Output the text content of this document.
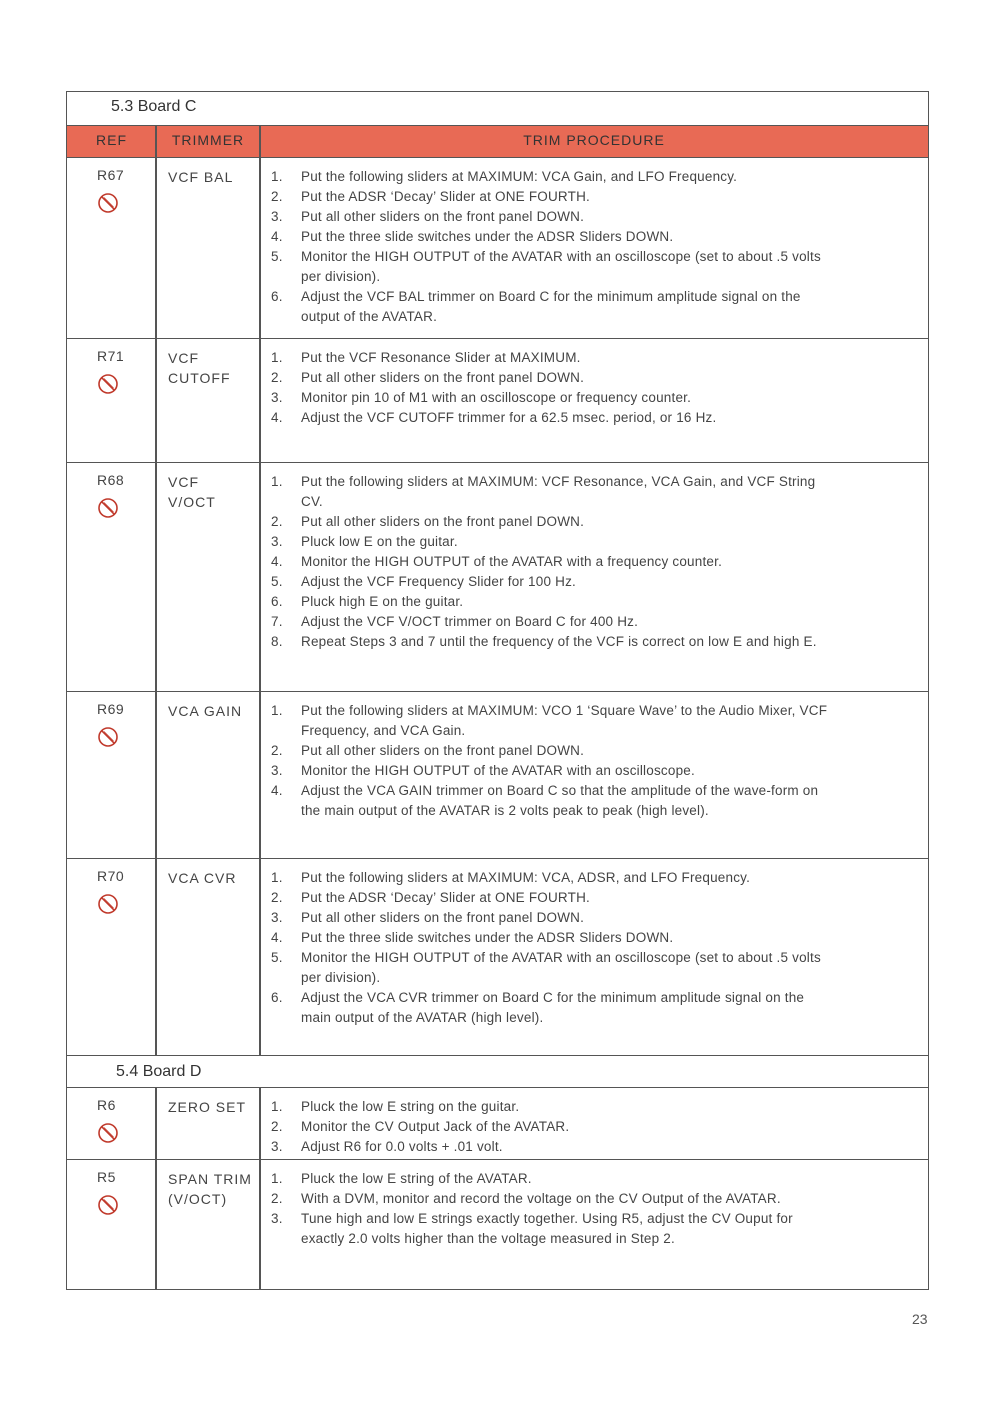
5.3 Board C
REF	TRIMMER	TRIM PROCEDURE
5.4 Board D
R67	VCF BAL	1. Put the following sliders at MAXIMUM: VCA Gain, and LFO Frequency.
2. Put the ADSR ‘Decay’ Slider at ONE FOURTH.
3. Put all other sliders on the front panel DOWN.
4. Put the three slide switches under the ADSR Sliders DOWN.
5. Monitor the HIGH OUTPUT of the AVATAR with an oscilloscope (set to about .5 volts per division).
6. Adjust the VCF BAL trimmer on Board C for the minimum amplitude signal on the output of the AVATAR.
R71	VCF
CUTOFF
1. Put the VCF Resonance Slider at MAXIMUM.
2. Put all other sliders on the front panel DOWN.
3. Monitor pin 10 of M1 with an oscilloscope or frequency counter.
4. Adjust the VCF CUTOFF trimmer for a 62.5 msec. period, or 16 Hz.
R68	VCF
V/OCT
1. Put the following sliders at MAXIMUM: VCF Resonance, VCA Gain, and VCF String CV.
2. Put all other sliders on the front panel DOWN.
3. Pluck low E on the guitar.
4. Monitor the HIGH OUTPUT of the AVATAR with a frequency counter.
5. Adjust the VCF Frequency Slider for 100 Hz.
6. Pluck high E on the guitar.
7. Adjust the VCF V/OCT trimmer on Board C for 400 Hz.
8. Repeat Steps 3 and 7 until the frequency of the VCF is correct on low E and high E.
R69	VCA GAIN	1. Put the following sliders at MAXIMUM: VCO 1 ‘Square Wave’ to the Audio Mixer, VCF Frequency, and VCA Gain.
2. Put all other sliders on the front panel DOWN.
3. Monitor the HIGH OUTPUT of the AVATAR with an oscilloscope.
4. Adjust the VCA GAIN trimmer on Board C so that the amplitude of the wave-form on the main output of the AVATAR is 2 volts peak to peak (high level).
R70	VCA CVR	1. Put the following sliders at MAXIMUM: VCA, ADSR, and LFO Frequency.
2. Put the ADSR ‘Decay’ Slider at ONE FOURTH.
3. Put all other sliders on the front panel DOWN.
4. Put the three slide switches under the ADSR Sliders DOWN.
5. Monitor the HIGH OUTPUT of the AVATAR with an oscilloscope (set to about .5 volts per division).
6. Adjust the VCA CVR trimmer on Board C for the minimum amplitude signal on the main output of the AVATAR (high level).
R6	ZERO SET	1. Pluck the low E string on the guitar.
2. Monitor the CV Output Jack of the AVATAR.
3. Adjust R6 for 0.0 volts + .01 volt.
R5	SPAN TRIM
(V/OCT)
1. Pluck the low E string of the AVATAR.
2. With a DVM, monitor and record the voltage on the CV Output of the AVATAR.
3. Tune high and low E strings exactly together. Using R5, adjust the CV Ouput for exactly 2.0 volts higher than the voltage measured in Step 2.
23
